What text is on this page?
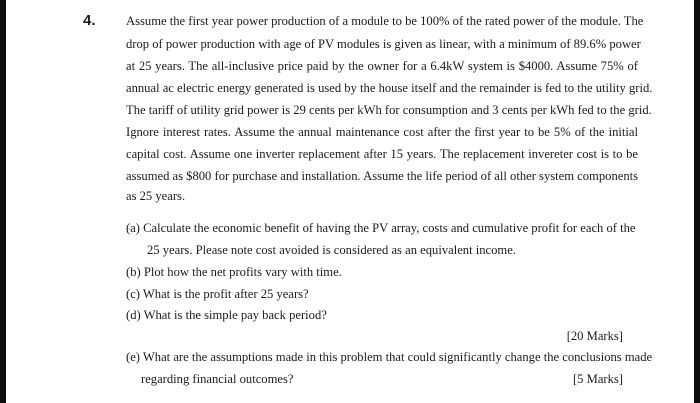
4. Assume the first year power production of a module to be 100% of the rated power of the module. The
drop of power production with age of PV modules is given as linear, with a minimum of 89.6% power
at 25 years. The all-inclusive price paid by the owner for a 6.4kW system is $4000. Assume 75% of
annual ac electric energy generated is used by the house itself and the remainder is fed to the utility grid.
The tariff of utility grid power is 29 cents per kWh for consumption and 3 cents per kWh fed to the grid.
Ignore interest rates. Assume the annual maintenance cost after the first year to be 5% of the initial
capital cost. Assume one inverter replacement after 15 years. The replacement invereter cost is to be
assumed as $800 for purchase and installation. Assume the life period of all other system components
as 25 years.
(a) Calculate the economic benefit of having the PV array, costs and cumulative profit for each of the
25 years. Please note cost avoided is considered as an equivalent income.
(b) Plot how the net profits vary with time.
(c) What is the profit after 25 years?
(d) What is the simple pay back period?
[20 Marks]
(e) What are the assumptions made in this problem that could significantly change the conclusions made
regarding financial outcomes?	[5 Marks]
